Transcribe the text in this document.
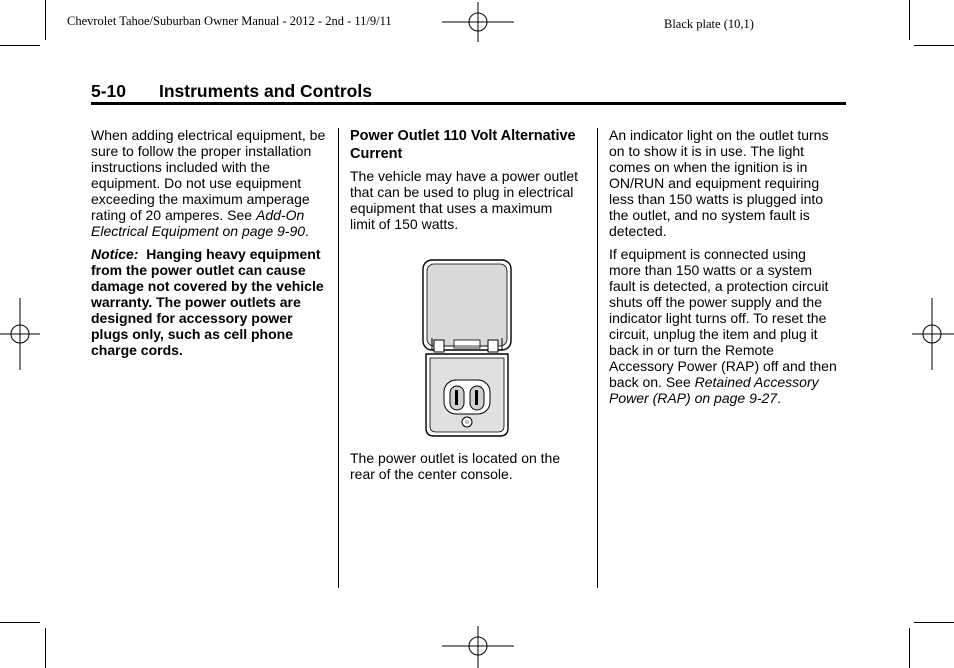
Chevrolet Tahoe/Suburban Owner Manual - 2012 - 2nd - 11/9/11	Black plate (10,1)
5-10 Instruments and Controls

When adding electrical equipment, be sure to follow the proper installation instructions included with the equipment. Do not use equipment exceeding the maximum amperage rating of 20 amperes. See Add-On Electrical Equipment on page 9-90.

Notice: Hanging heavy equipment from the power outlet can cause damage not covered by the vehicle warranty. The power outlets are designed for accessory power plugs only, such as cell phone charge cords.

Power Outlet 110 Volt Alternative Current

The vehicle may have a power outlet that can be used to plug in electrical equipment that uses a maximum limit of 150 watts.

The power outlet is located on the rear of the center console.

An indicator light on the outlet turns on to show it is in use. The light comes on when the ignition is in ON/RUN and equipment requiring less than 150 watts is plugged into the outlet, and no system fault is detected.

If equipment is connected using more than 150 watts or a system fault is detected, a protection circuit shuts off the power supply and the indicator light turns off. To reset the circuit, unplug the item and plug it back in or turn the Remote Accessory Power (RAP) off and then back on. See Retained Accessory Power (RAP) on page 9-27.
